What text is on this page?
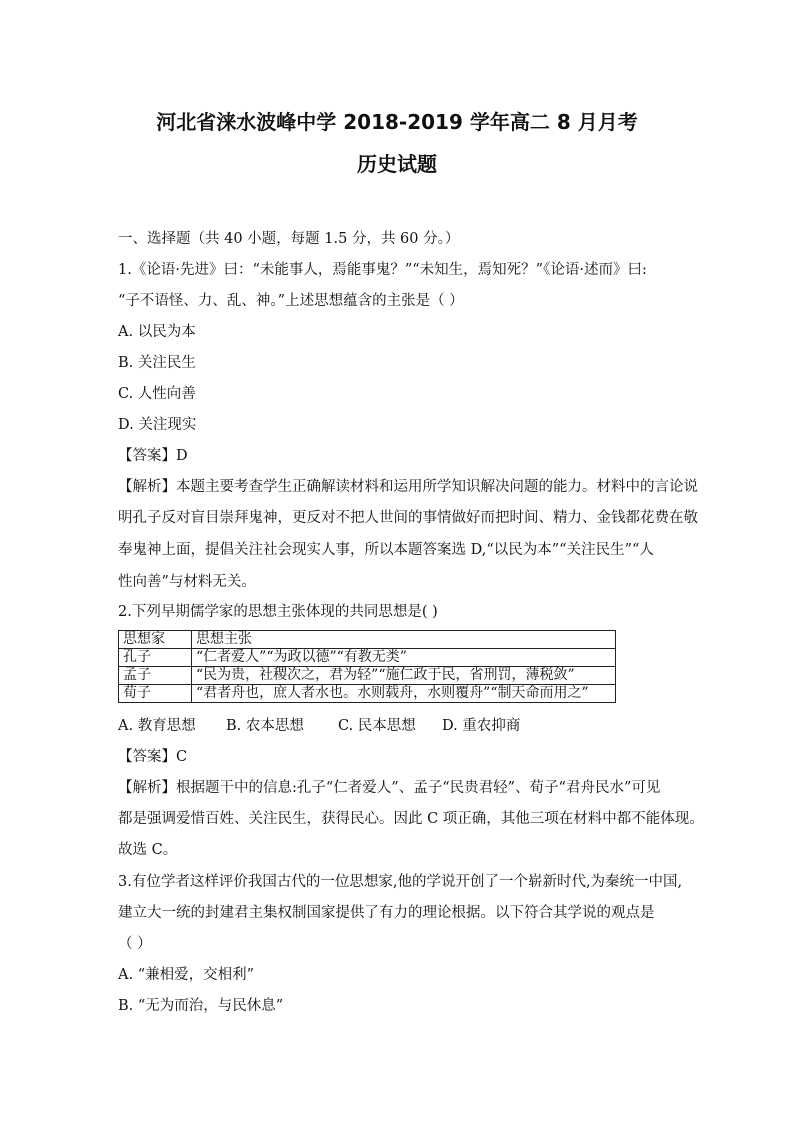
河北省涞水波峰中学 2018-2019 学年高二 8 月月考
历史试题
一、选择题（共 40 小题，每题 1.5 分，共 60 分。）
1.《论语·先进》曰：“未能事人，焉能事鬼？”“未知生，焉知死？”《论语·述而》曰:
“子不语怪、力、乱、神。”上述思想蕴含的主张是（ ）
A. 以民为本
B. 关注民生
C. 人性向善
D. 关注现实
【答案】D
【解析】本题主要考查学生正确解读材料和运用所学知识解决问题的能力。材料中的言论说
明孔子反对盲目崇拜鬼神，更反对不把人世间的事情做好而把时间、精力、金钱都花费在敬
奉鬼神上面，提倡关注社会现实人事，所以本题答案选 D,“以民为本”“关注民生”“人
性向善”与材料无关。
2.下列早期儒学家的思想主张体现的共同思想是( )
思想家	思想主张
孔子	“仁者爱人”“为政以德”“有教无类”
孟子	“民为贵，社稷次之，君为轻”“施仁政于民，省刑罚，薄税敛”
荀子	“君者舟也，庶人者水也。水则载舟，水则覆舟”“制天命而用之”
A. 教育思想 B. 农本思想 C. 民本思想 D. 重农抑商
【答案】C
【解析】根据题干中的信息:孔子“仁者爱人”、孟子“民贵君轻”、荀子“君舟民水”可见
都是强调爱惜百姓、关注民生，获得民心。因此 C 项正确，其他三项在材料中都不能体现。
故选 C。
3.有位学者这样评价我国古代的一位思想家,他的学说开创了一个崭新时代,为秦统一中国,
建立大一统的封建君主集权制国家提供了有力的理论根据。以下符合其学说的观点是
（ ）
A. “兼相爱，交相利”
B. “无为而治，与民休息”
